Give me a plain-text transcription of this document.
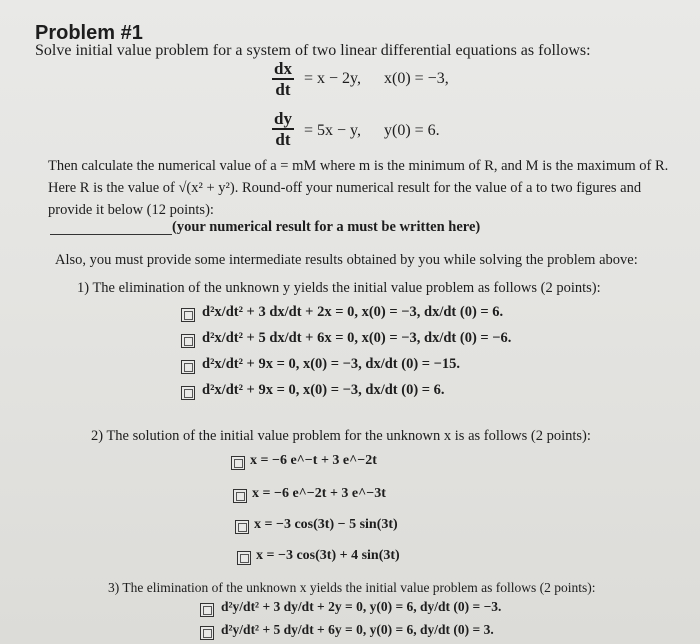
Problem #1
Solve initial value problem for a system of two linear differential equations as follows:
$\frac{dx}{dt} = x - 2y$, x(0) = −3,
$\frac{dy}{dt} = 5x - y$, y(0) = 6.
Then calculate the numerical value of a = mM where m is the minimum of R, and M is the maximum of R.
Here R is the value of √(x² + y²). Round-off your numerical result for the value of a to two figures and
provide it below (12 points):
(your numerical result for a must be written here)
Also, you must provide some intermediate results obtained by you while solving the problem above:
1) The elimination of the unknown y yields the initial value problem as follows (2 points):
d²x/dt² + 3 dx/dt + 2x = 0, x(0) = −3, dx/dt (0) = 6.
d²x/dt² + 5 dx/dt + 6x = 0, x(0) = −3, dx/dt (0) = −6.
d²x/dt² + 9x = 0, x(0) = −3, dx/dt (0) = −15.
d²x/dt² + 9x = 0, x(0) = −3, dx/dt (0) = 6.
2) The solution of the initial value problem for the unknown x is as follows (2 points):
x = −6 e^−t + 3 e^−2t
x = −6 e^−2t + 3 e^−3t
x = −3 cos(3t) − 5 sin(3t)
x = −3 cos(3t) + 4 sin(3t)
3) The elimination of the unknown x yields the initial value problem as follows (2 points):
d²y/dt² + 3 dy/dt + 2y = 0, y(0) = 6, dy/dt (0) = −3.
d²y/dt² + 5 dy/dt + 6y = 0, y(0) = 6, dy/dt (0) = 3.
